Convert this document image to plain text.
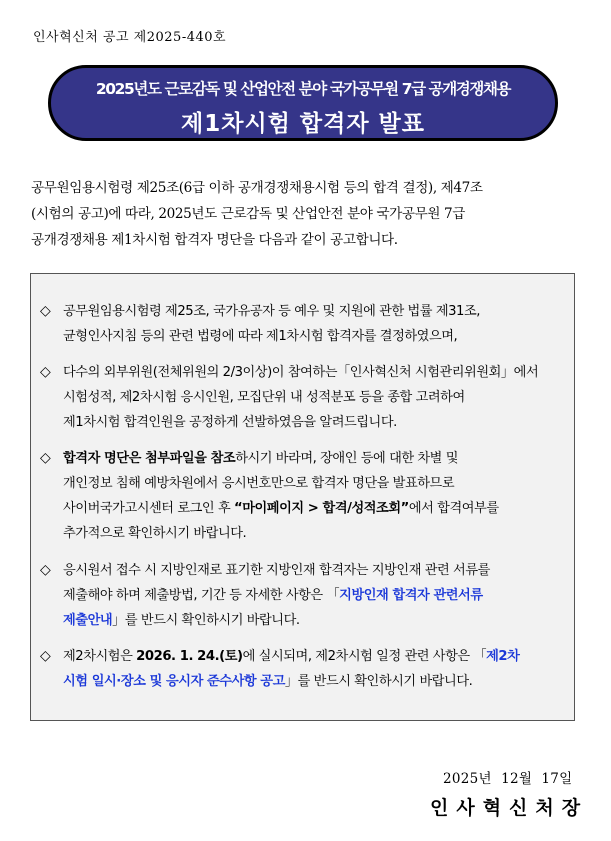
인사혁신처 공고 제2025-440호
2025년도 근로감독 및 산업안전 분야 국가공무원 7급 공개경쟁채용
제1차시험 합격자 발표
공무원임용시험령 제25조(6급 이하 공개경쟁채용시험 등의 합격 결정), 제47조
(시험의 공고)에 따라, 2025년도 근로감독 및 산업안전 분야 국가공무원 7급
공개경쟁채용 제1차시험 합격자 명단을 다음과 같이 공고합니다.
◇ 공무원임용시험령 제25조, 국가유공자 등 예우 및 지원에 관한 법률 제31조,
균형인사지침 등의 관련 법령에 따라 제1차시험 합격자를 결정하였으며,
◇ 다수의 외부위원(전체위원의 2/3이상)이 참여하는「인사혁신처 시험관리위원회」에서
시험성적, 제2차시험 응시인원, 모집단위 내 성적분포 등을 종합 고려하여
제1차시험 합격인원을 공정하게 선발하였음을 알려드립니다.
◇ 합격자 명단은 첨부파일을 참조하시기 바라며, 장애인 등에 대한 차별 및
개인정보 침해 예방차원에서 응시번호만으로 합격자 명단을 발표하므로
사이버국가고시센터 로그인 후 “마이페이지 > 합격/성적조회”에서 합격여부를
추가적으로 확인하시기 바랍니다.
◇ 응시원서 접수 시 지방인재로 표기한 지방인재 합격자는 지방인재 관련 서류를
제출해야 하며 제출방법, 기간 등 자세한 사항은 「지방인재 합격자 관련서류
제출안내」를 반드시 확인하시기 바랍니다.
◇ 제2차시험은 2026. 1. 24.(토)에 실시되며, 제2차시험 일정 관련 사항은 「제2차
시험 일시·장소 및 응시자 준수사항 공고」를 반드시 확인하시기 바랍니다.
2025년  12월  17일
인사혁신처장
